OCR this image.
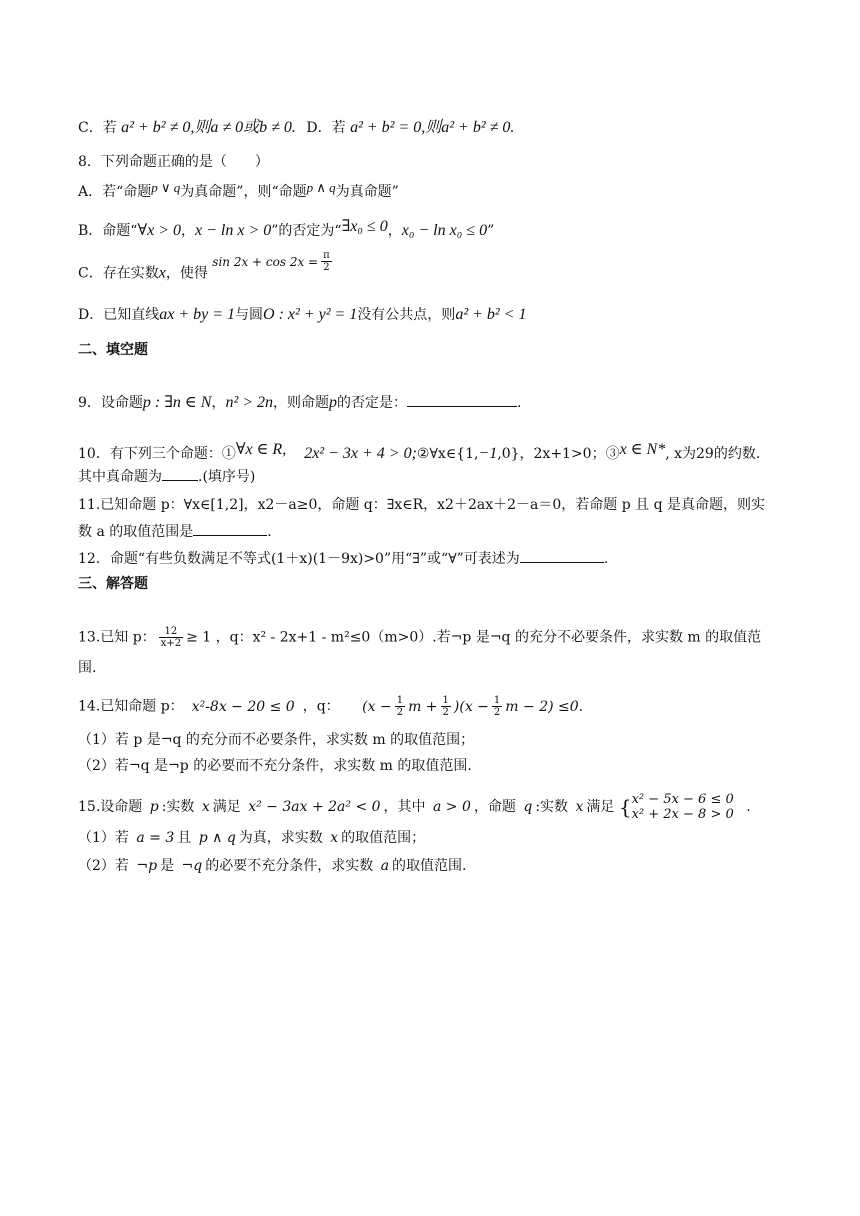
C．若 a² + b² ≠ 0,则a ≠ 0或b ≠ 0. D．若 a² + b² = 0,则a² + b² ≠ 0.
8．下列命题正确的是（　　）
A．若“命题p ∨ q为真命题”，则“命题p ∧ q为真命题”
B．命题“∀x > 0，x − ln x > 0”的否定为“∃x₀ ≤ 0，x₀ − ln x₀ ≤ 0”
C．存在实数x，使得 $\sin 2x + \cos 2x = \frac{\pi}{2}$
D．已知直线ax + by = 1与圆O : x² + y² = 1没有公共点，则a² + b² < 1
二、填空题
9．设命题p : ∃n ∈ N，n² > 2n，则命题p的否定是：	.
10．有下列三个命题：①∀x ∈ R, 2x² − 3x + 4 > 0;②∀x∈{1,−1,0}，2x+1>0；③x ∈ N*, x为29的约数.
其中真命题为	.(填序号)
11.已知命题 p：∀x∈[1,2]，x2－a≥0，命题 q：∃x∈R，x2＋2ax＋2－a＝0，若命题 p 且 q 是真命题，则实
数 a 的取值范围是	.
12．命题“有些负数满足不等式(1＋x)(1－9x)>0”用“∃”或“∀”可表述为	.
三、解答题
13.已知 p： $\frac{12}{x+2} \ge 1$ ，q：x² - 2x+1 - m²≤0（m>0）.若¬p 是¬q 的充分不必要条件，求实数 m 的取值范
围.
14.已知命题 p： x²-8x − 20 ≤ 0 ，q： ($x - \frac{1}{2}$ $m + \frac{1}{2} )(x - \frac{1}{2}$ m − 2) ≤0.
（1）若 p 是¬q 的充分而不必要条件，求实数 m 的取值范围；
（2）若¬q 是¬p 的必要而不充分条件，求实数 m 的取值范围.
15.设命题 p :实数 x 满足 x² − 3ax + 2a² < 0 ，其中 a > 0 ，命题 q :实数 x 满足 { x² − 5x − 6 ≤ 0
x² + 2x − 8 > 0 .
（1）若 a = 3 且 p ∧ q 为真，求实数 x 的取值范围；
（2）若 ¬p 是 ¬q 的必要不充分条件，求实数 a 的取值范围.
